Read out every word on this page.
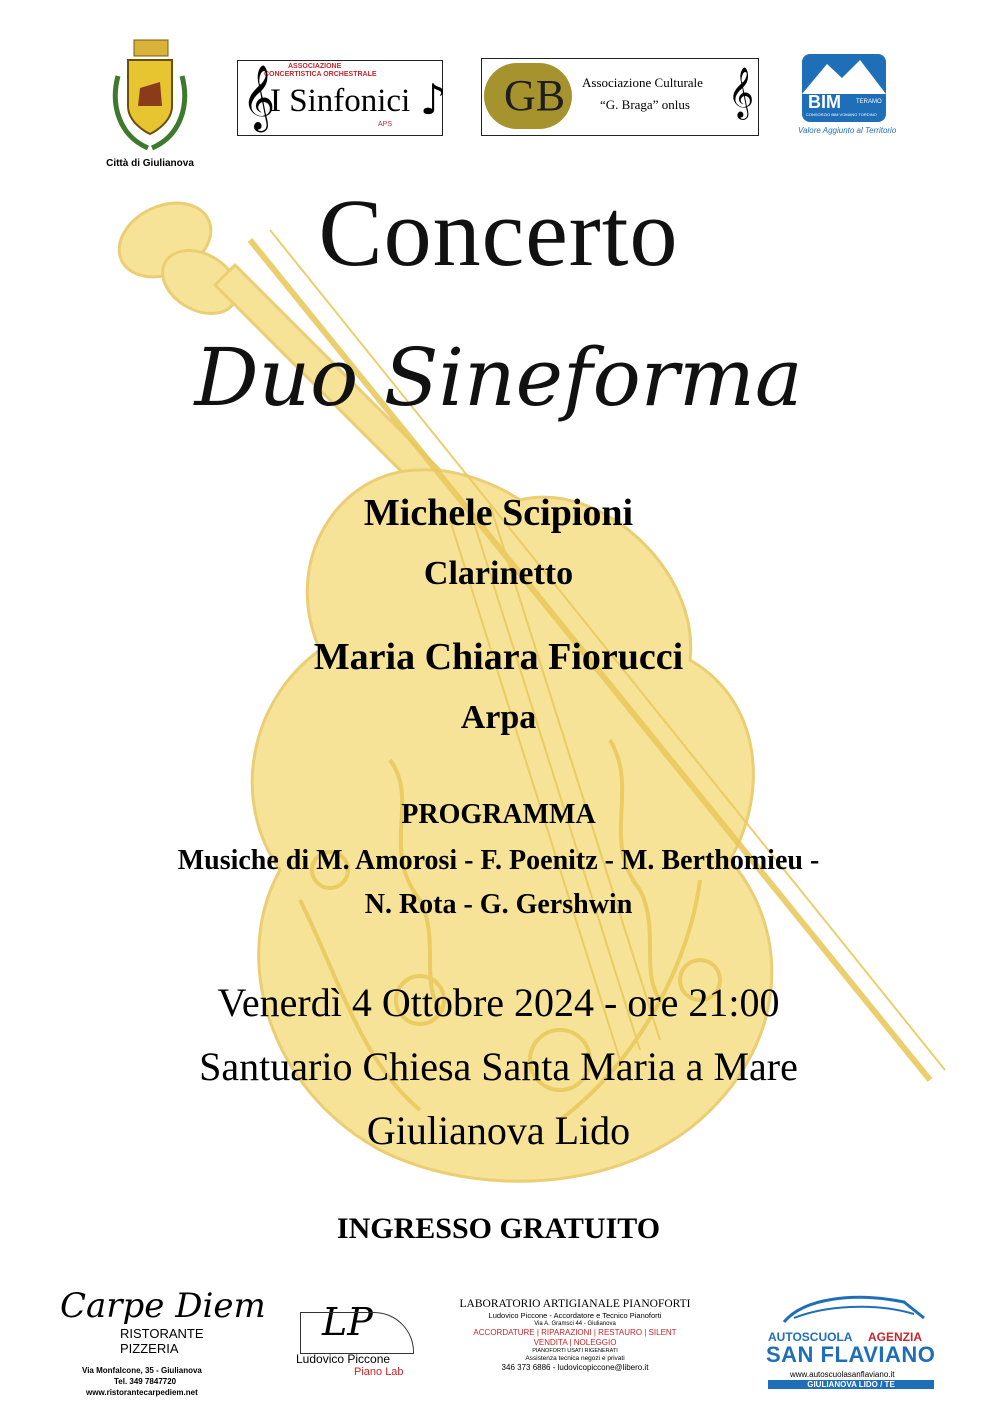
Città di Giulianova
ASSOCIAZIONE
CONCERTISTICA ORCHESTRALE
𝄞
I Sinfonici
APS
♪ GB Associazione Culturale
“G. Braga” onlus 𝄞	BIM	TERAMO
CONSORZIO BIM VOMANO TORDINO
Valore Aggiunto al Territorio
Concerto
Duo Sineforma
Michele Scipioni
Clarinetto
Maria Chiara Fiorucci
Arpa
PROGRAMMA
Musiche di M. Amorosi - F. Poenitz - M. Berthomieu -
N. Rota - G. Gershwin
Venerdì 4 Ottobre 2024 - ore 21:00
Santuario Chiesa Santa Maria a Mare
Giulianova Lido
INGRESSO GRATUITO
Carpe Diem
RISTORANTE PIZZERIA
Via Monfalcone, 35 - Giulianova
Tel. 349 7847720
www.ristorantecarpediem.net
LP
Ludovico Piccone
Piano Lab
LABORATORIO ARTIGIANALE PIANOFORTI
Ludovico Piccone - Accordatore e Tecnico Pianoforti
Via A. Gramsci 44 - Giulianova
ACCORDATURE | RIPARAZIONI | RESTAURO | SILENT
VENDITA | NOLEGGIO
PIANOFORTI USATI RIGENERATI
Assistenza tecnica negozi e privati
346 373 6886 - ludovicopiccone@libero.it
AUTOSCUOLA AGENZIA
SAN FLAVIANO
www.autoscuolasanflaviano.it
GIULIANOVA LIDO / TE
